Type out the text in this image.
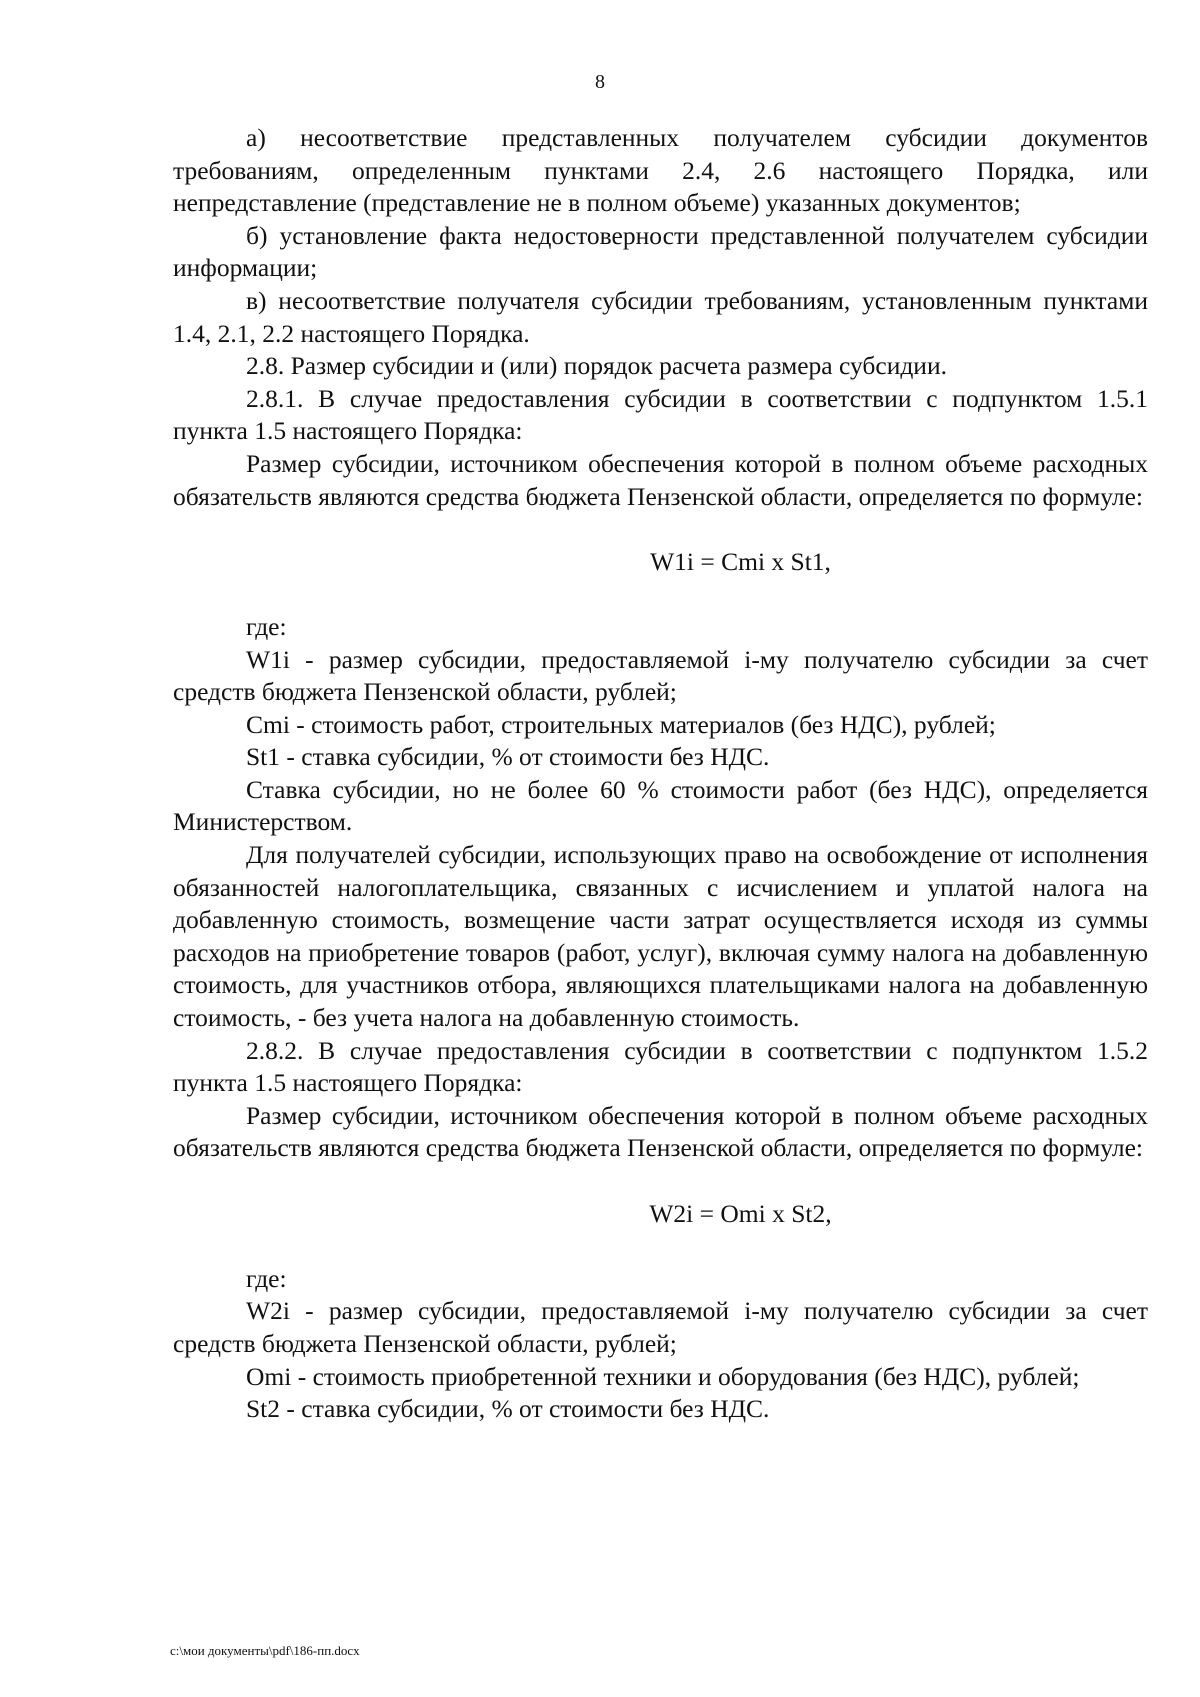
8

а) несоответствие представленных получателем субсидии документов требованиям, определенным пунктами 2.4, 2.6 настоящего Порядка, или непредставление (представление не в полном объеме) указанных документов;

б) установление факта недостоверности представленной получателем субсидии информации;

в) несоответствие получателя субсидии требованиям, установленным пунктами 1.4, 2.1, 2.2 настоящего Порядка.

2.8. Размер субсидии и (или) порядок расчета размера субсидии.

2.8.1. В случае предоставления субсидии в соответствии с подпунктом 1.5.1 пункта 1.5 настоящего Порядка:

Размер субсидии, источником обеспечения которой в полном объеме расходных обязательств являются средства бюджета Пензенской области, определяется по формуле:

W1i = Cmi x St1,

где:

W1i - размер субсидии, предоставляемой i-му получателю субсидии за счет средств бюджета Пензенской области, рублей;

Cmi - стоимость работ, строительных материалов (без НДС), рублей;

St1 - ставка субсидии, % от стоимости без НДС.

Ставка субсидии, но не более 60 % стоимости работ (без НДС), определяется Министерством.

Для получателей субсидии, использующих право на освобождение от исполнения обязанностей налогоплательщика, связанных с исчислением и уплатой налога на добавленную стоимость, возмещение части затрат осуществляется исходя из суммы расходов на приобретение товаров (работ, услуг), включая сумму налога на добавленную стоимость, для участников отбора, являющихся плательщиками налога на добавленную стоимость, - без учета налога на добавленную стоимость.

2.8.2. В случае предоставления субсидии в соответствии с подпунктом 1.5.2 пункта 1.5 настоящего Порядка:

Размер субсидии, источником обеспечения которой в полном объеме расходных обязательств являются средства бюджета Пензенской области, определяется по формуле:

W2i = Omi x St2,

где:

W2i - размер субсидии, предоставляемой i-му получателю субсидии за счет средств бюджета Пензенской области, рублей;

Omi - стоимость приобретенной техники и оборудования (без НДС), рублей;

St2 - ставка субсидии, % от стоимости без НДС.

c:\мои документы\pdf\186-пп.docx
